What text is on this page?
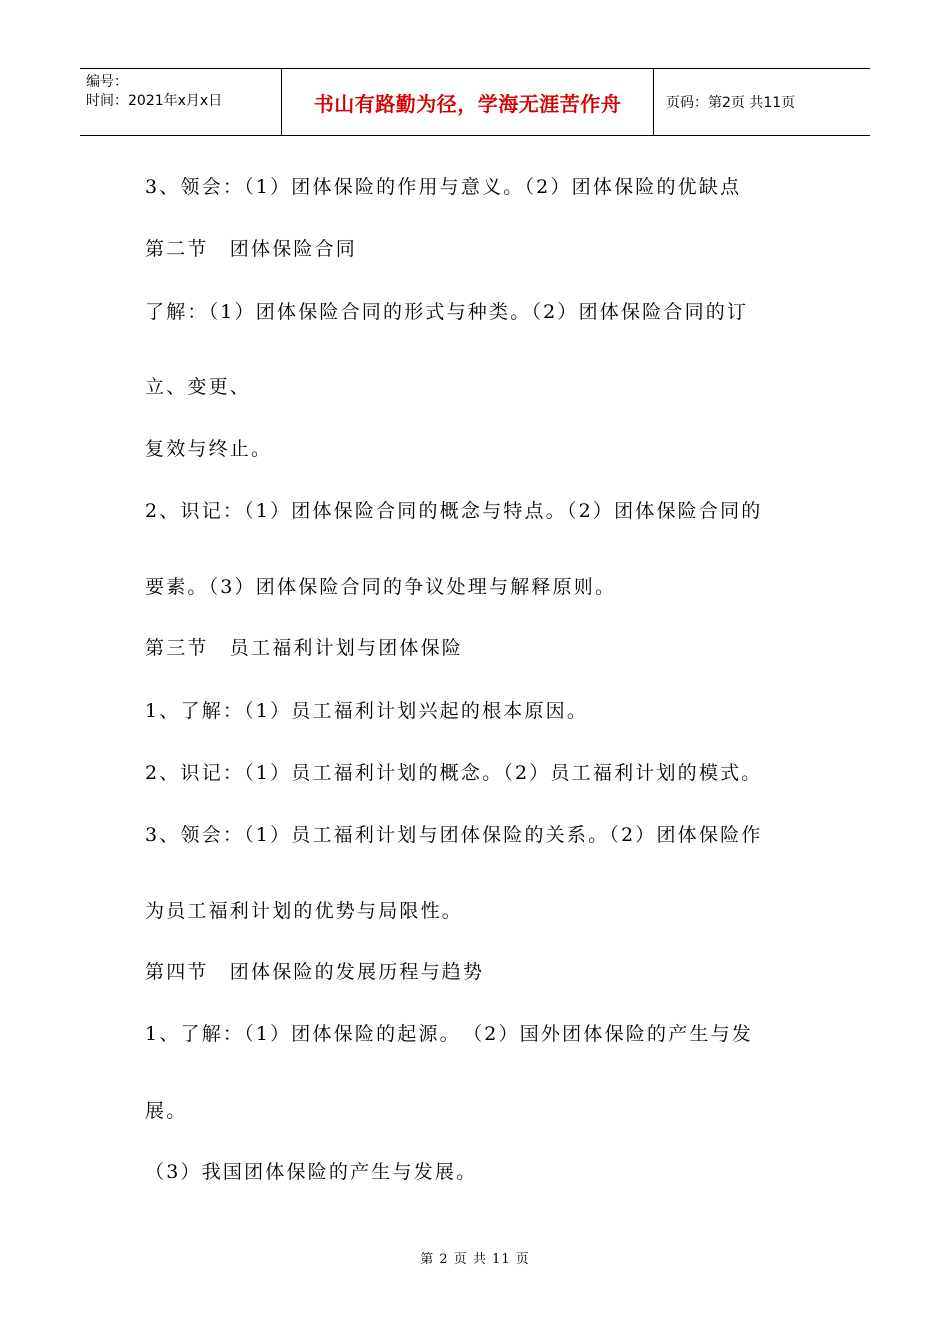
编号：
时间：2021年x月x日	书山有路勤为径，学海无涯苦作舟	页码：第2页 共11页
3、领会：（1）团体保险的作用与意义。（2）团体保险的优缺点
第二节　团体保险合同
了解：（1）团体保险合同的形式与种类。（2）团体保险合同的订
立、变更、
复效与终止。
2、识记：（1）团体保险合同的概念与特点。（2）团体保险合同的
要素。（3）团体保险合同的争议处理与解释原则。
第三节　员工福利计划与团体保险
1、了解：（1）员工福利计划兴起的根本原因。
2、识记：（1）员工福利计划的概念。（2）员工福利计划的模式。
3、领会：（1）员工福利计划与团体保险的关系。（2）团体保险作
为员工福利计划的优势与局限性。
第四节　团体保险的发展历程与趋势
1、了解：（1）团体保险的起源。　（2）国外团体保险的产生与发
展。
（3）我国团体保险的产生与发展。
第 2 页 共 11 页
